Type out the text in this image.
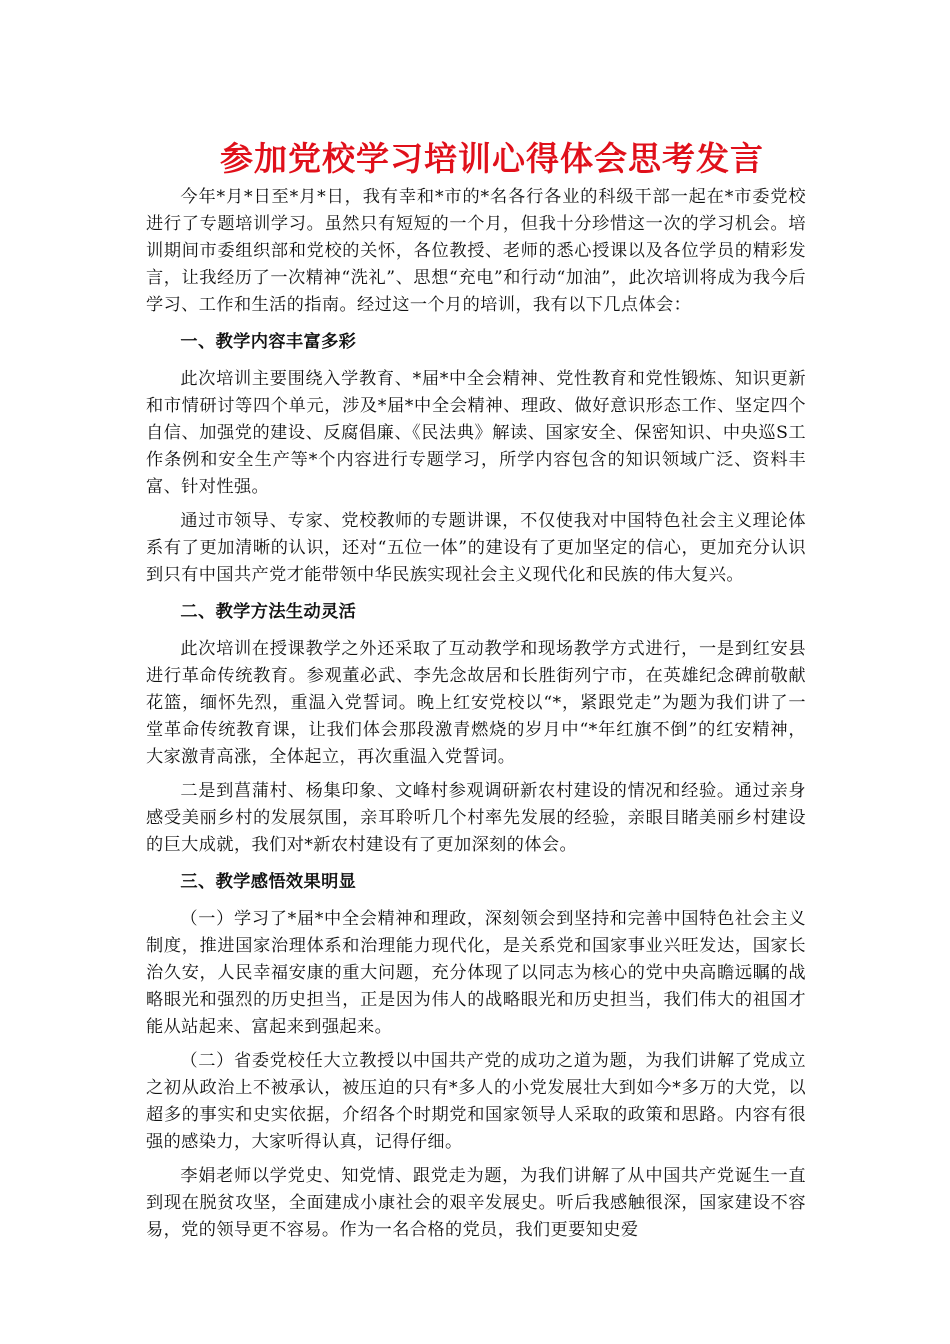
参加党校学习培训心得体会思考发言

今年*月*日至*月*日，我有幸和*市的*名各行各业的科级干部一起在*市委党校进行了专题培训学习。虽然只有短短的一个月，但我十分珍惜这一次的学习机会。培训期间市委组织部和党校的关怀，各位教授、老师的悉心授课以及各位学员的精彩发言，让我经历了一次精神“洗礼”、思想“充电”和行动“加油”，此次培训将成为我今后学习、工作和生活的指南。经过这一个月的培训，我有以下几点体会：

一、教学内容丰富多彩

此次培训主要围绕入学教育、*届*中全会精神、党性教育和党性锻炼、知识更新和市情研讨等四个单元，涉及*届*中全会精神、理政、做好意识形态工作、坚定四个自信、加强党的建设、反腐倡廉、《民法典》解读、国家安全、保密知识、中央巡S工作条例和安全生产等*个内容进行专题学习，所学内容包含的知识领域广泛、资料丰富、针对性强。

通过市领导、专家、党校教师的专题讲课，不仅使我对中国特色社会主义理论体系有了更加清晰的认识，还对“五位一体”的建设有了更加坚定的信心，更加充分认识到只有中国共产党才能带领中华民族实现社会主义现代化和民族的伟大复兴。

二、教学方法生动灵活

此次培训在授课教学之外还采取了互动教学和现场教学方式进行，一是到红安县进行革命传统教育。参观董必武、李先念故居和长胜街列宁市，在英雄纪念碑前敬献花篮，缅怀先烈，重温入党誓词。晚上红安党校以“*，紧跟党走”为题为我们讲了一堂革命传统教育课，让我们体会那段激青燃烧的岁月中“*年红旗不倒”的红安精神，大家激青高涨，全体起立，再次重温入党誓词。

二是到菖蒲村、杨集印象、文峰村参观调研新农村建设的情况和经验。通过亲身感受美丽乡村的发展氛围，亲耳聆听几个村率先发展的经验，亲眼目睹美丽乡村建设的巨大成就，我们对*新农村建设有了更加深刻的体会。

三、教学感悟效果明显

（一）学习了*届*中全会精神和理政，深刻领会到坚持和完善中国特色社会主义制度，推进国家治理体系和治理能力现代化，是关系党和国家事业兴旺发达，国家长治久安，人民幸福安康的重大问题，充分体现了以同志为核心的党中央高瞻远瞩的战略眼光和强烈的历史担当，正是因为伟人的战略眼光和历史担当，我们伟大的祖国才能从站起来、富起来到强起来。

（二）省委党校任大立教授以中国共产党的成功之道为题，为我们讲解了党成立之初从政治上不被承认，被压迫的只有*多人的小党发展壮大到如今*多万的大党，以超多的事实和史实依据，介绍各个时期党和国家领导人采取的政策和思路。内容有很强的感染力，大家听得认真，记得仔细。

李娟老师以学党史、知党情、跟党走为题，为我们讲解了从中国共产党诞生一直到现在脱贫攻坚，全面建成小康社会的艰辛发展史。听后我感触很深，国家建设不容易，党的领导更不容易。作为一名合格的党员，我们更要知史爱
